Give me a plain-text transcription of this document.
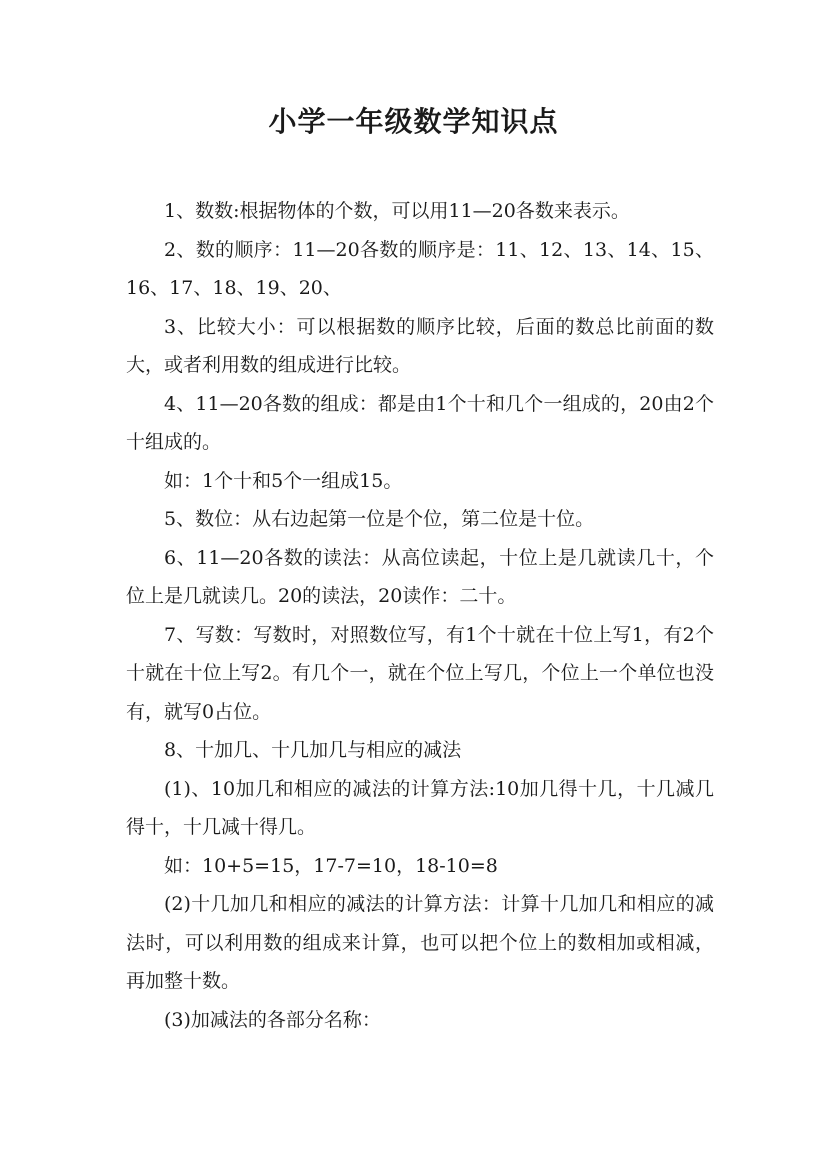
小学一年级数学知识点

1、数数:根据物体的个数，可以用11—20各数来表示。

2、数的顺序：11—20各数的顺序是：11、12、13、14、15、16、17、18、19、20、

3、比较大小：可以根据数的顺序比较，后面的数总比前面的数大，或者利用数的组成进行比较。

4、11—20各数的组成：都是由1个十和几个一组成的，20由2个十组成的。

如：1个十和5个一组成15。

5、数位：从右边起第一位是个位，第二位是十位。

6、11—20各数的读法：从高位读起，十位上是几就读几十，个位上是几就读几。20的读法，20读作：二十。

7、写数：写数时，对照数位写，有1个十就在十位上写1，有2个十就在十位上写2。有几个一，就在个位上写几，个位上一个单位也没有，就写0占位。

8、十加几、十几加几与相应的减法

(1)、10加几和相应的减法的计算方法:10加几得十几，十几减几得十，十几减十得几。

如：10+5=15，17-7=10，18-10=8

(2)十几加几和相应的减法的计算方法：计算十几加几和相应的减法时，可以利用数的组成来计算，也可以把个位上的数相加或相减，再加整十数。

(3)加减法的各部分名称：
